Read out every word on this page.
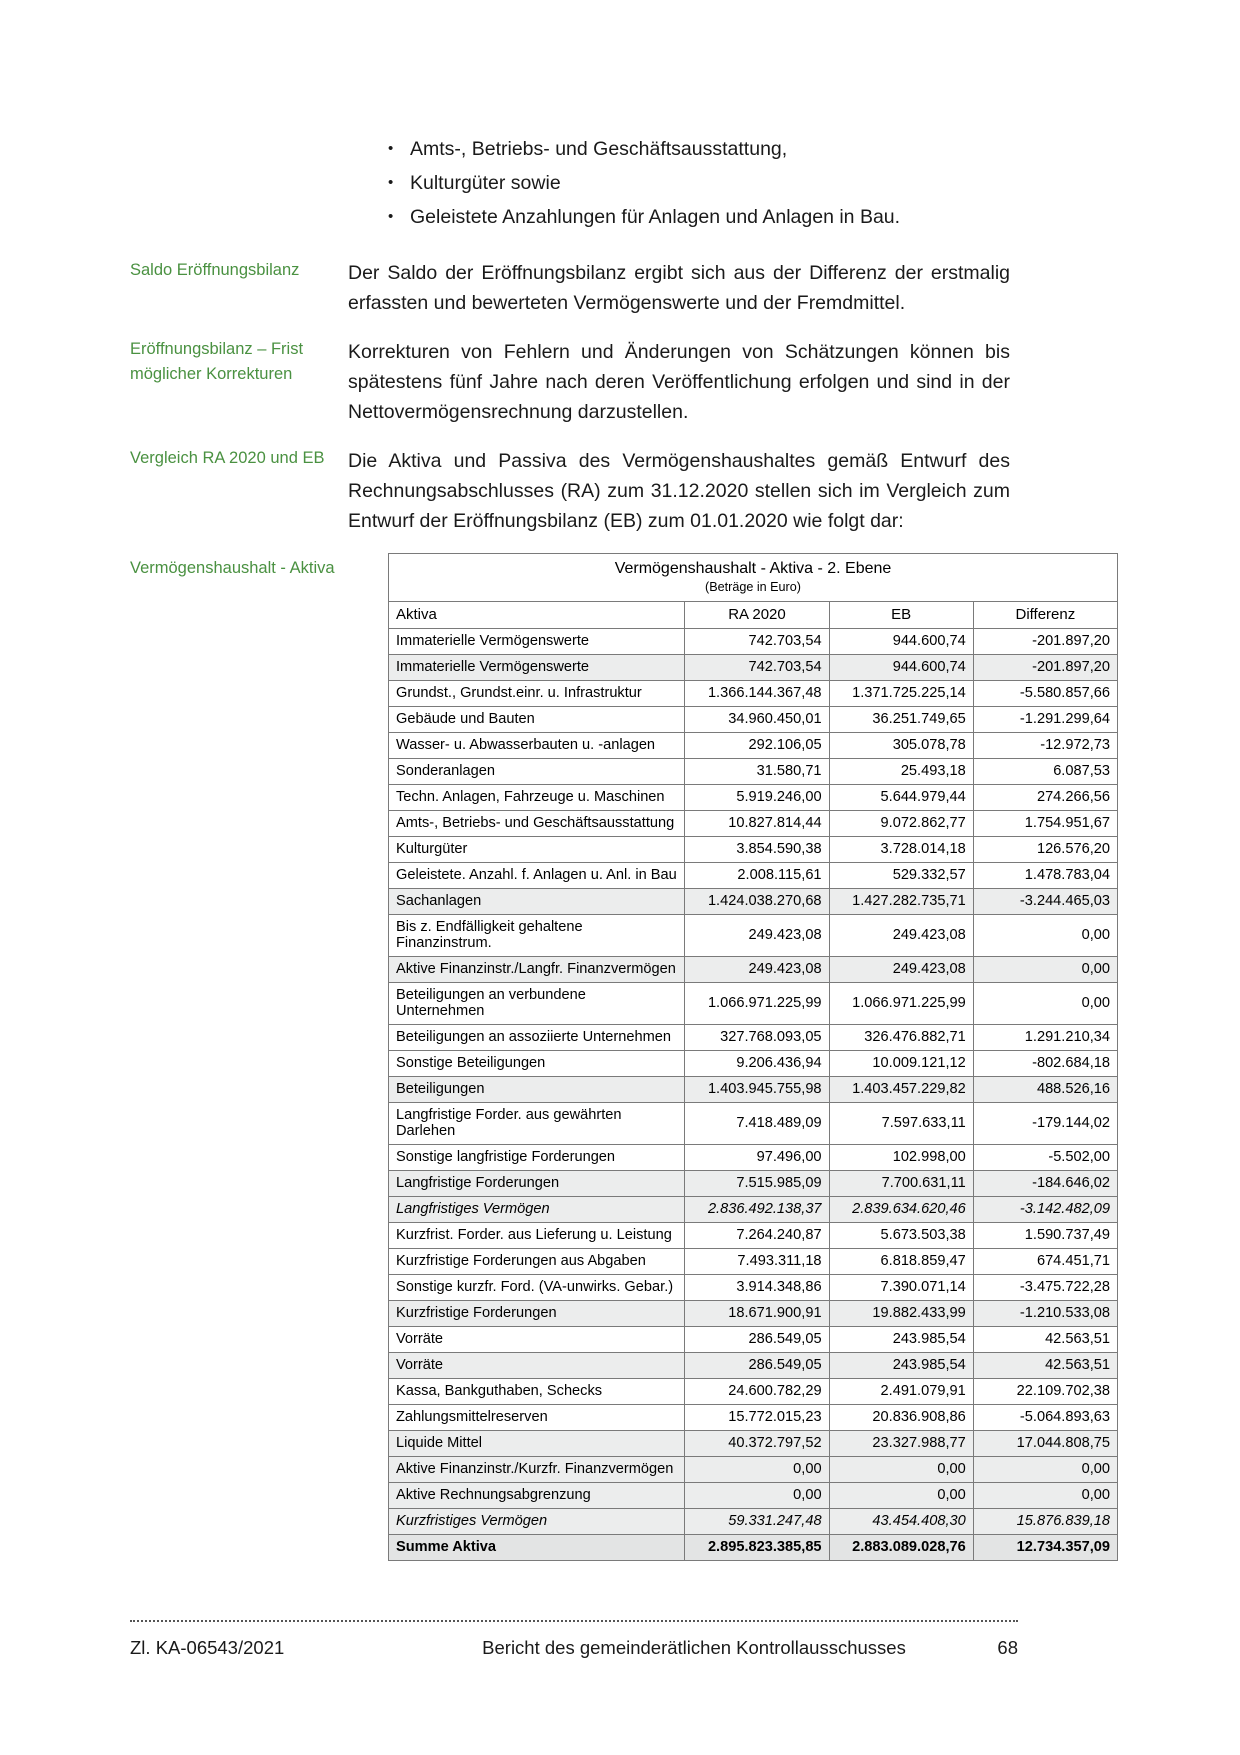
• Amts-, Betriebs- und Geschäftsausstattung,
• Kulturgüter sowie
• Geleistete Anzahlungen für Anlagen und Anlagen in Bau.
Saldo Eröffnungsbilanz	Der Saldo der Eröffnungsbilanz ergibt sich aus der Differenz der erstmalig erfassten und bewerteten Vermögenswerte und der Fremdmittel.
Eröffnungsbilanz – Frist möglicher Korrekturen
Korrekturen von Fehlern und Änderungen von Schätzungen können bis spätestens fünf Jahre nach deren Veröffentlichung erfolgen und sind in der Nettovermögensrechnung darzustellen.
Vergleich RA 2020 und EB	Die Aktiva und Passiva des Vermögenshaushaltes gemäß Entwurf des Rechnungsabschlusses (RA) zum 31.12.2020 stellen sich im Vergleich zum Entwurf der Eröffnungsbilanz (EB) zum 01.01.2020 wie folgt dar:
Vermögenshaushalt - Aktiva	Vermögenshaushalt - Aktiva - 2. Ebene
(Beträge in Euro)			

Aktiva	RA 2020	EB	Differenz
Immaterielle Vermögenswerte	742.703,54	944.600,74	-201.897,20
Immaterielle Vermögenswerte	742.703,54	944.600,74	-201.897,20
Grundst., Grundst.einr. u. Infrastruktur	1.366.144.367,48	1.371.725.225,14	-5.580.857,66
Gebäude und Bauten	34.960.450,01	36.251.749,65	-1.291.299,64
Wasser- u. Abwasserbauten u. -anlagen	292.106,05	305.078,78	-12.972,73
Sonderanlagen	31.580,71	25.493,18	6.087,53
Techn. Anlagen, Fahrzeuge u. Maschinen	5.919.246,00	5.644.979,44	274.266,56
Amts-, Betriebs- und Geschäftsausstattung	10.827.814,44	9.072.862,77	1.754.951,67
Kulturgüter	3.854.590,38	3.728.014,18	126.576,20
Geleistete. Anzahl. f. Anlagen u. Anl. in Bau	2.008.115,61	529.332,57	1.478.783,04
Sachanlagen	1.424.038.270,68	1.427.282.735,71	-3.244.465,03
Bis z. Endfälligkeit gehaltene Finanzinstrum.	249.423,08	249.423,08	0,00
Aktive Finanzinstr./Langfr. Finanzvermögen	249.423,08	249.423,08	0,00
Beteiligungen an verbundene Unternehmen	1.066.971.225,99	1.066.971.225,99	0,00
Beteiligungen an assoziierte Unternehmen	327.768.093,05	326.476.882,71	1.291.210,34
Sonstige Beteiligungen	9.206.436,94	10.009.121,12	-802.684,18
Beteiligungen	1.403.945.755,98	1.403.457.229,82	488.526,16
Langfristige Forder. aus gewährten Darlehen	7.418.489,09	7.597.633,11	-179.144,02
Sonstige langfristige Forderungen	97.496,00	102.998,00	-5.502,00
Langfristige Forderungen	7.515.985,09	7.700.631,11	-184.646,02
Langfristiges Vermögen	2.836.492.138,37	2.839.634.620,46	-3.142.482,09
Kurzfrist. Forder. aus Lieferung u. Leistung	7.264.240,87	5.673.503,38	1.590.737,49
Kurzfristige Forderungen aus Abgaben	7.493.311,18	6.818.859,47	674.451,71
Sonstige kurzfr. Ford. (VA-unwirks. Gebar.)	3.914.348,86	7.390.071,14	-3.475.722,28
Kurzfristige Forderungen	18.671.900,91	19.882.433,99	-1.210.533,08
Vorräte	286.549,05	243.985,54	42.563,51
Vorräte	286.549,05	243.985,54	42.563,51
Kassa, Bankguthaben, Schecks	24.600.782,29	2.491.079,91	22.109.702,38
Zahlungsmittelreserven	15.772.015,23	20.836.908,86	-5.064.893,63
Liquide Mittel	40.372.797,52	23.327.988,77	17.044.808,75
Aktive Finanzinstr./Kurzfr. Finanzvermögen	0,00	0,00	0,00
Aktive Rechnungsabgrenzung	0,00	0,00	0,00
Kurzfristiges Vermögen	59.331.247,48	43.454.408,30	15.876.839,18
Summe Aktiva	2.895.823.385,85	2.883.089.028,76	12.734.357,09
Zl. KA-06543/2021	Bericht des gemeinderätlichen Kontrollausschusses	68
